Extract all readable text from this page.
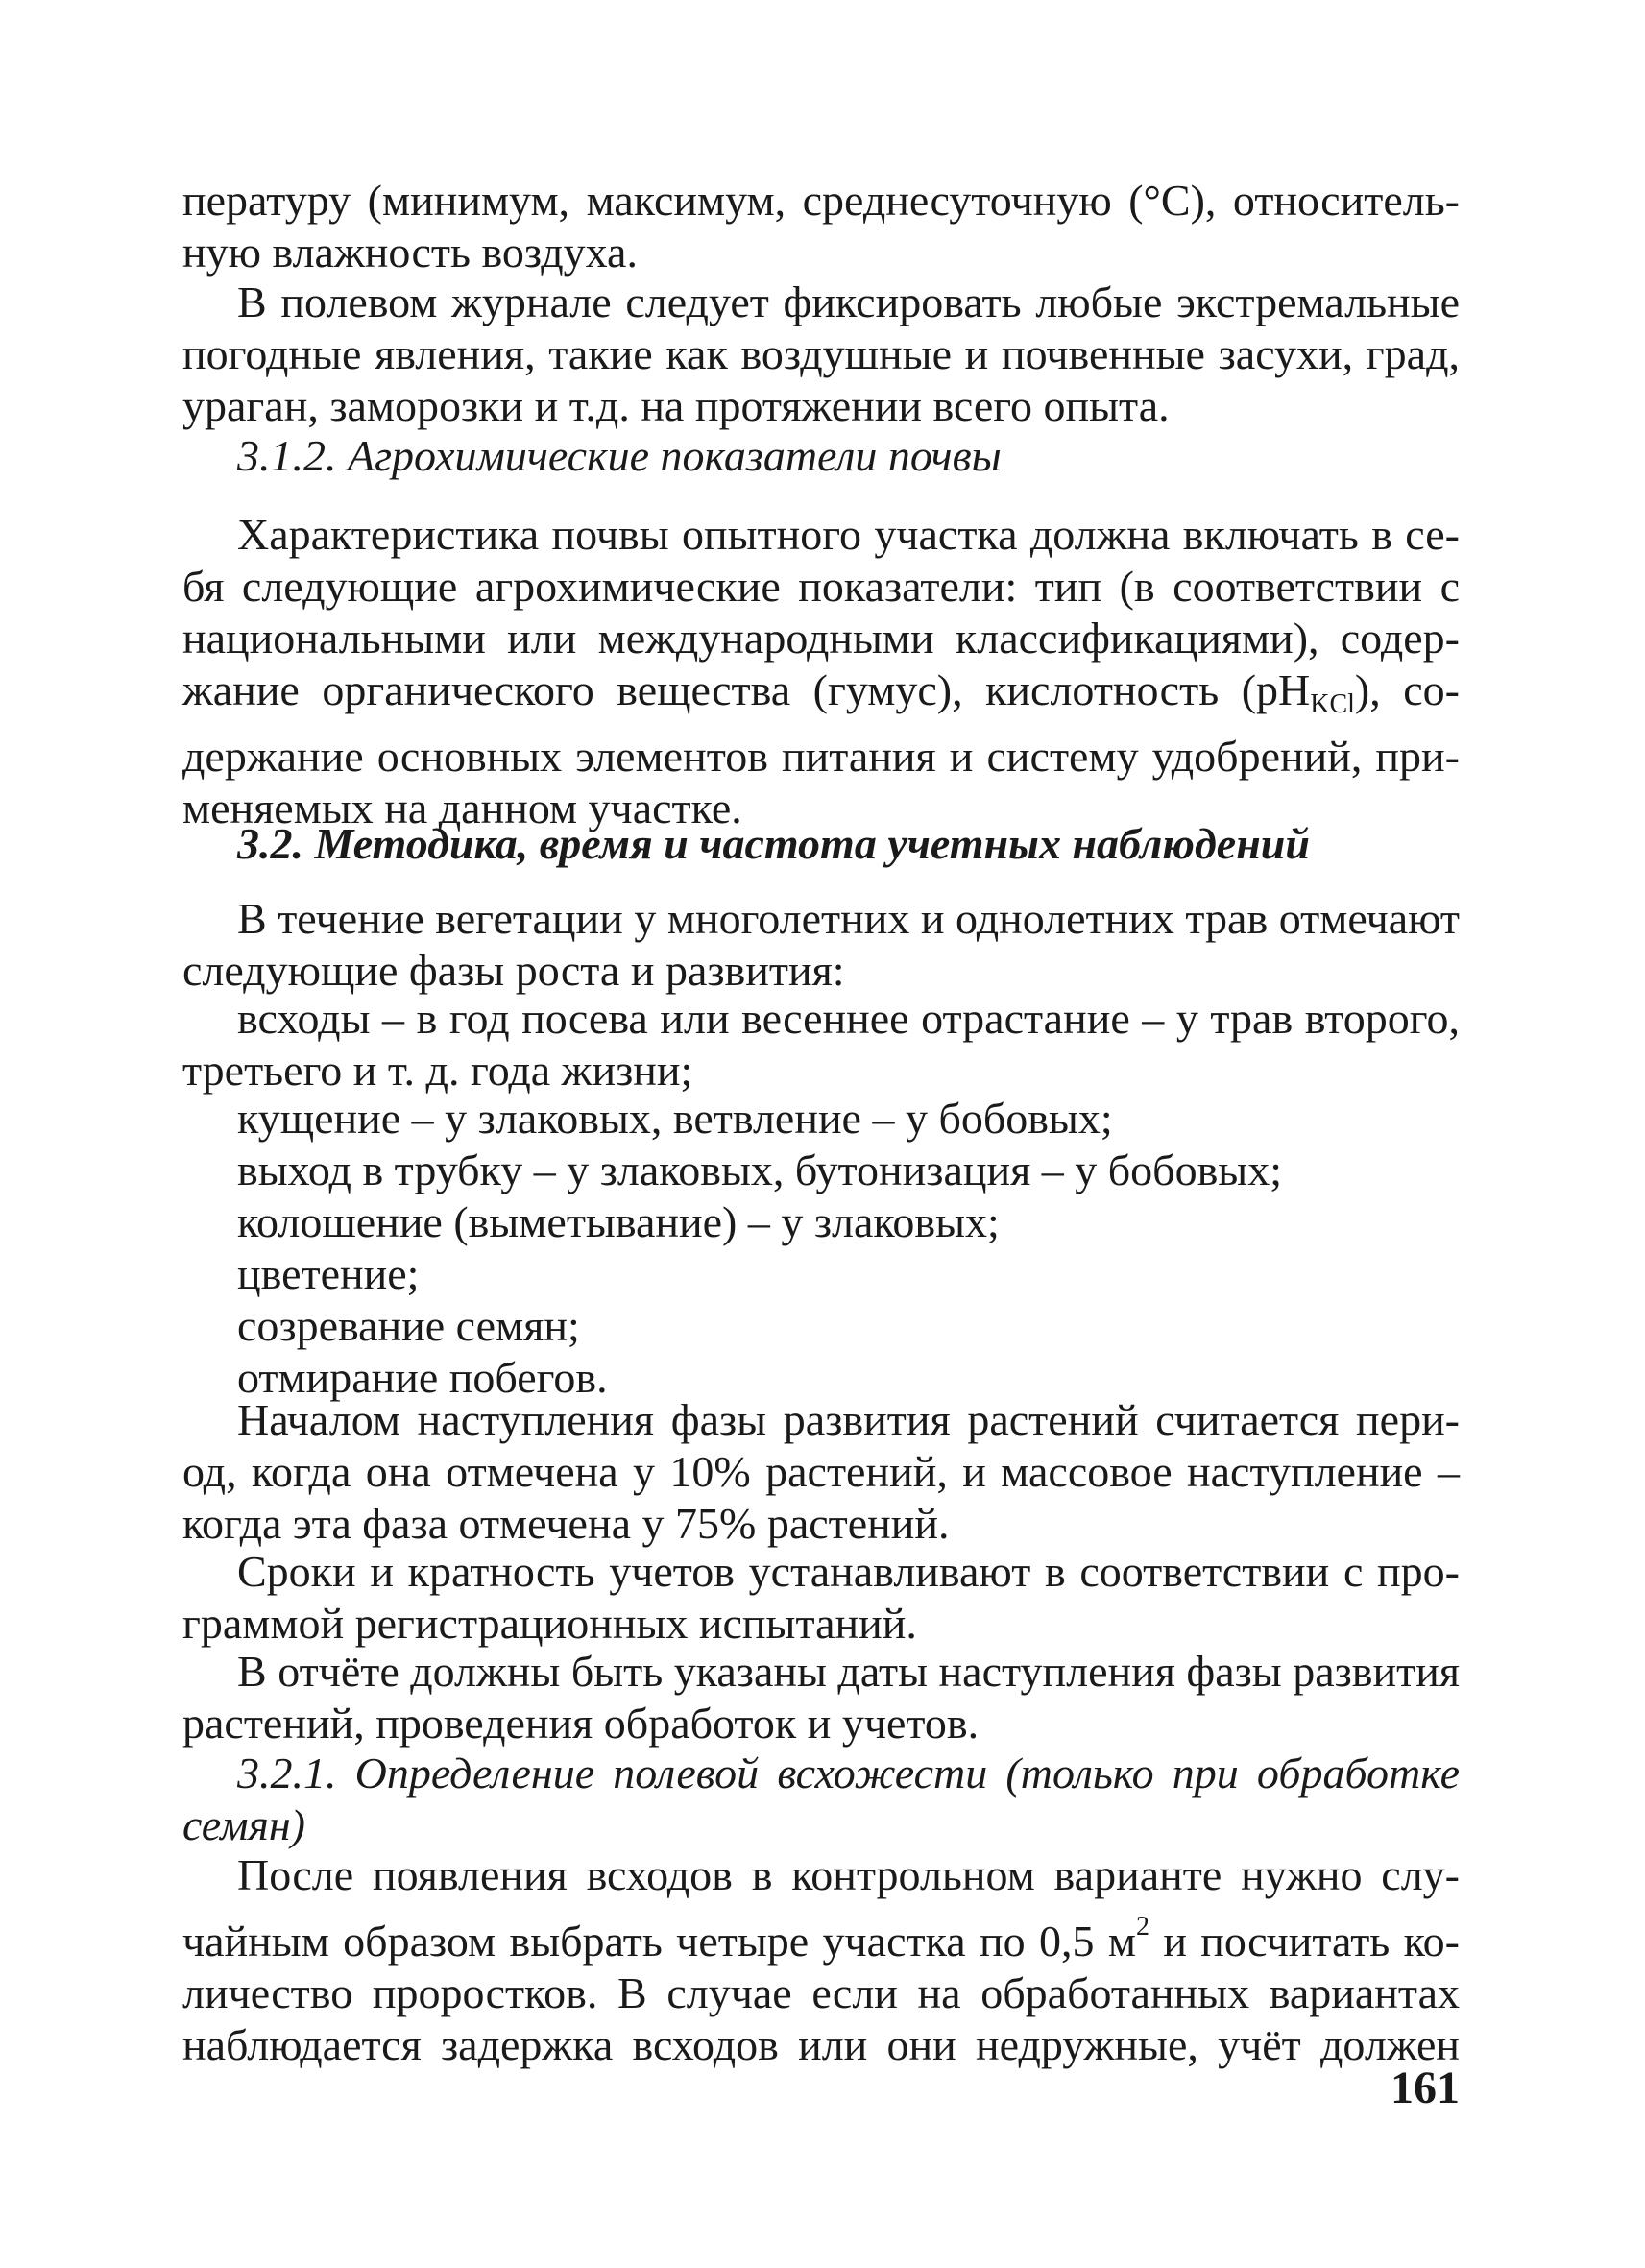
пературу (минимум, максимум, среднесуточную (°C), относитель-
ную влажность воздуха.
В полевом журнале следует фиксировать любые экстремальные
погодные явления, такие как воздушные и почвенные засухи, град,
ураган, заморозки и т.д. на протяжении всего опыта.
3.1.2. Агрохимические показатели почвы
Характеристика почвы опытного участка должна включать в се-
бя следующие агрохимические показатели: тип (в соответствии с
национальными или международными классификациями), содер-
жание органического вещества (гумус), кислотность $(pH_{KCl})$, со-
держание основных элементов питания и систему удобрений, при-
меняемых на данном участке.
3.2. Методика, время и частота учетных наблюдений
В течение вегетации у многолетних и однолетних трав отмечают
следующие фазы роста и развития:
всходы – в год посева или весеннее отрастание – у трав второго,
третьего и т. д. года жизни;
кущение – у злаковых, ветвление – у бобовых;
выход в трубку – у злаковых, бутонизация – у бобовых;
колошение (выметывание) – у злаковых;
цветение;
созревание семян;
отмирание побегов.
Началом наступления фазы развития растений считается пери-
од, когда она отмечена у 10% растений, и массовое наступление –
когда эта фаза отмечена у 75% растений.
Сроки и кратность учетов устанавливают в соответствии с про-
граммой регистрационных испытаний.
В отчёте должны быть указаны даты наступления фазы развития
растений, проведения обработок и учетов.
3.2.1. Определение полевой всхожести (только при обработке
семян)
После появления всходов в контрольном варианте нужно слу-
чайным образом выбрать четыре участка по 0,5 $м^2$ и посчитать ко-
личество проростков. В случае если на обработанных вариантах
наблюдается задержка всходов или они недружные, учёт должен
161
